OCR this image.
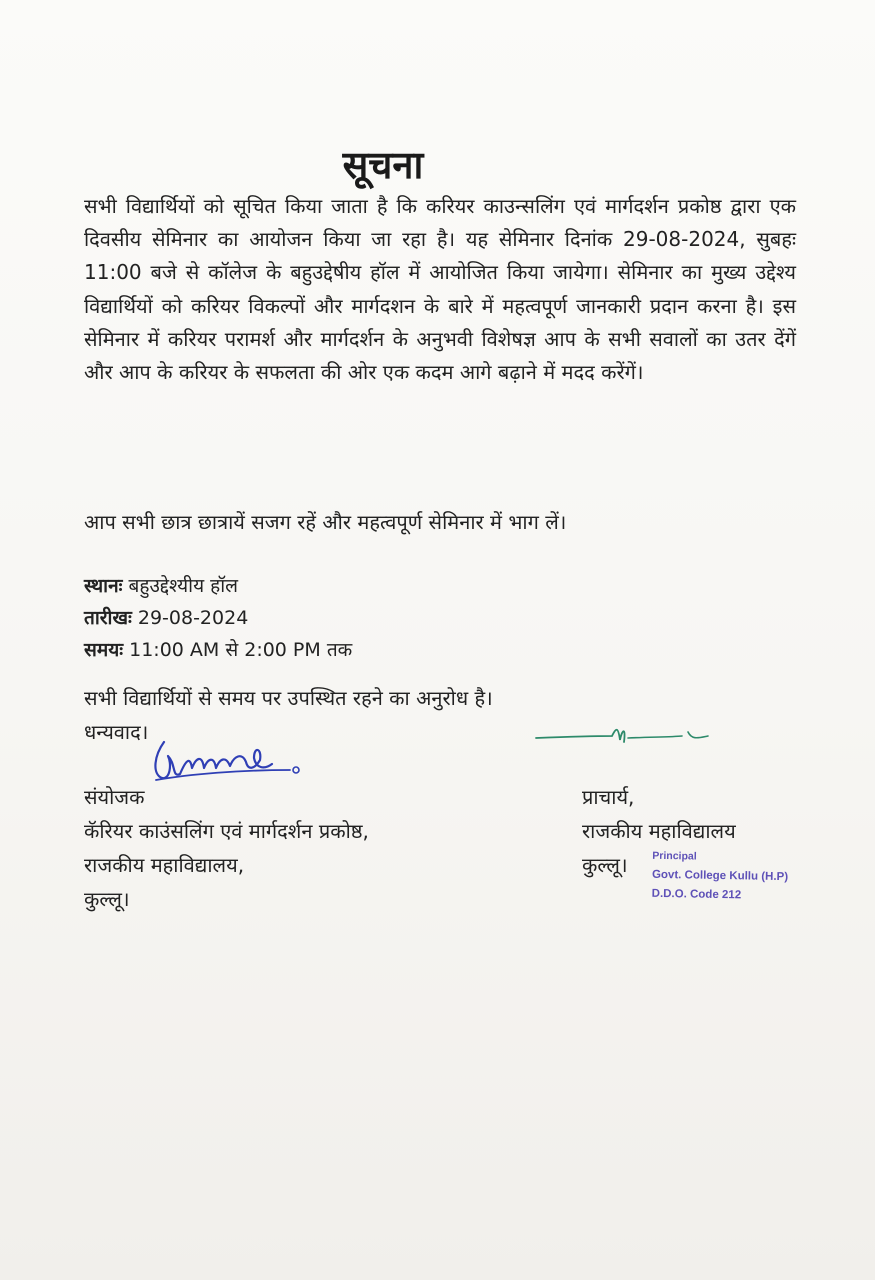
सूचना
सभी विद्यार्थियों को सूचित किया जाता है कि करियर काउन्सलिंग एवं मार्गदर्शन प्रकोष्ठ द्वारा एक दिवसीय सेमिनार का आयोजन किया जा रहा है। यह सेमिनार दिनांक 29-08-2024, सुबहः 11:00 बजे से कॉलेज के बहुउद्देषीय हॉल में आयोजित किया जायेगा। सेमिनार का मुख्य उद्देश्य विद्यार्थियों को करियर विकल्पों और मार्गदशन के बारे में महत्वपूर्ण जानकारी प्रदान करना है। इस सेमिनार में करियर परामर्श और मार्गदर्शन के अनुभवी विशेषज्ञ आप के सभी सवालों का उतर देंगें और आप के करियर के सफलता की ओर एक कदम आगे बढ़ाने में मदद करेंगें।
आप सभी छात्र छात्रायें सजग रहें और महत्वपूर्ण सेमिनार में भाग लें।
स्थानः बहुउद्देश्यीय हॉल
तारीखः 29-08-2024
समयः 11:00 AM से 2:00 PM तक
सभी विद्यार्थियों से समय पर उपस्थित रहने का अनुरोध है।
धन्यवाद।
संयोजक
कॅरियर काउंसलिंग एवं मार्गदर्शन प्रकोष्ठ,
राजकीय महाविद्यालय,
कुल्लू।
प्राचार्य,
राजकीय महाविद्यालय
कुल्लू।	Principal
Govt. College Kullu (H.P)
D.D.O. Code 212
